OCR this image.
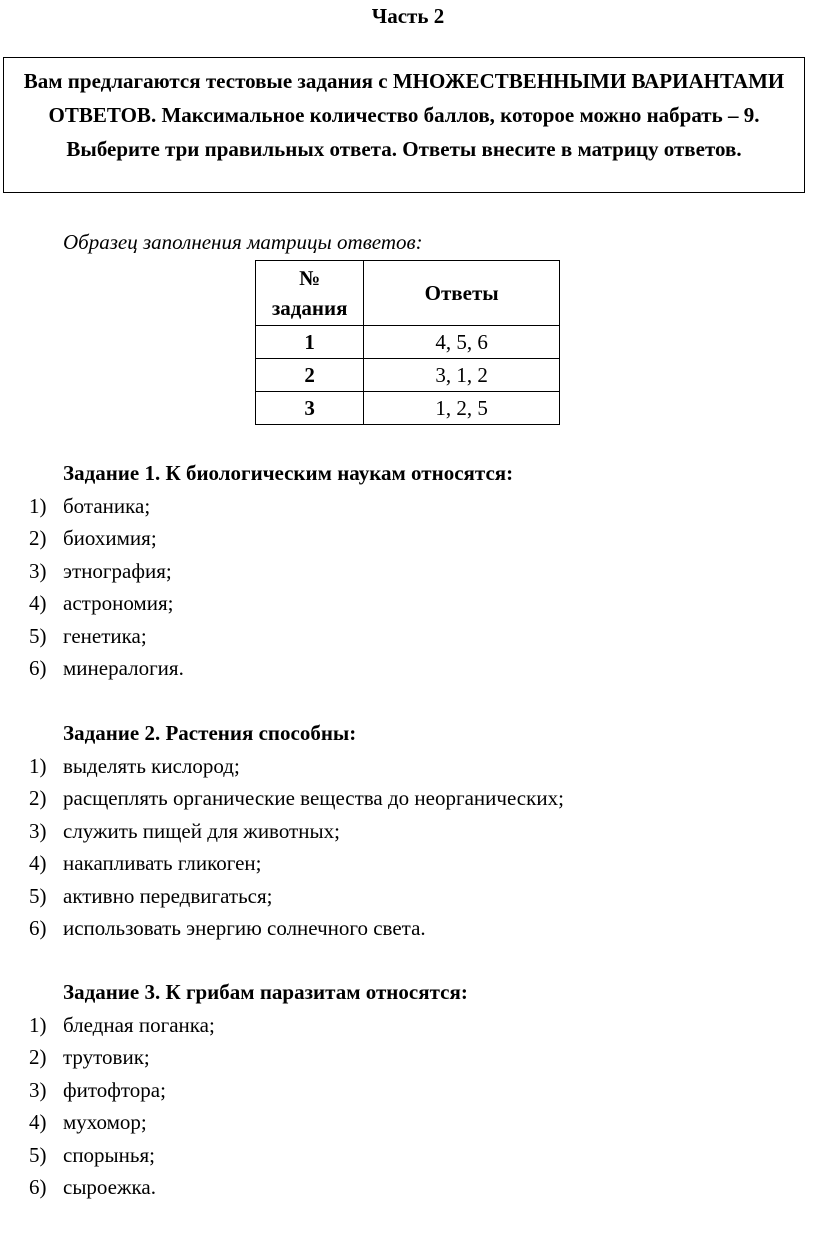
Часть 2
Вам предлагаются тестовые задания с МНОЖЕСТВЕННЫМИ ВАРИАНТАМИ ОТВЕТОВ. Максимальное количество баллов, которое можно набрать – 9. Выберите три правильных ответа. Ответы внесите в матрицу ответов.
Образец заполнения матрицы ответов:
№
задания	Ответы
1	4, 5, 6
2	3, 1, 2
3	1, 2, 5
Задание 1. К биологическим наукам относятся:
1) ботаника;
2) биохимия;
3) этнография;
4) астрономия;
5) генетика;
6) минералогия.
Задание 2. Растения способны:
1) выделять кислород;
2) расщеплять органические вещества до неорганических;
3) служить пищей для животных;
4) накапливать гликоген;
5) активно передвигаться;
6) использовать энергию солнечного света.
Задание 3. К грибам паразитам относятся:
1) бледная поганка;
2) трутовик;
3) фитофтора;
4) мухомор;
5) спорынья;
6) сыроежка.
